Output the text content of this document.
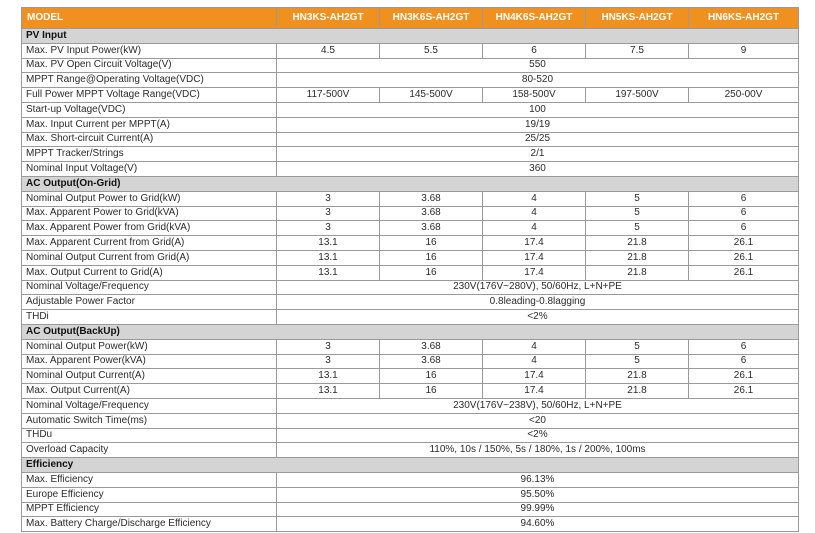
MODEL	HN3KS-AH2GT	HN3K6S-AH2GT	HN4K6S-AH2GT	HN5KS-AH2GT	HN6KS-AH2GT
PV Input					
Max. PV Input Power(kW)	4.5	5.5	6	7.5	9
Max. PV Open Circuit Voltage(V)	550				
MPPT Range@Operating Voltage(VDC)	80-520				
Full Power MPPT Voltage Range(VDC)	117-500V	145-500V	158-500V	197-500V	250-00V
Start-up Voltage(VDC)	100				
Max. Input Current per MPPT(A)	19/19				
Max. Short-circuit Current(A)	25/25				
MPPT Tracker/Strings	2/1				
Nominal Input Voltage(V)	360				
AC Output(On-Grid)					
Nominal Output Power to Grid(kW)	3	3.68	4	5	6
Max. Apparent Power to Grid(kVA)	3	3.68	4	5	6
Max. Apparent Power from Grid(kVA)	3	3.68	4	5	6
Max. Apparent Current from Grid(A)	13.1	16	17.4	21.8	26.1
Nominal Output Current from Grid(A)	13.1	16	17.4	21.8	26.1
Max. Output Current to Grid(A)	13.1	16	17.4	21.8	26.1
Nominal Voltage/Frequency	230V(176V~280V), 50/60Hz, L+N+PE				
Adjustable Power Factor	0.8leading-0.8lagging				
THDi	<2%				
AC Output(BackUp)					
Nominal Output Power(kW)	3	3.68	4	5	6
Max. Apparent Power(kVA)	3	3.68	4	5	6
Nominal Output Current(A)	13.1	16	17.4	21.8	26.1
Max. Output Current(A)	13.1	16	17.4	21.8	26.1
Nominal Voltage/Frequency	230V(176V~238V), 50/60Hz, L+N+PE				
Automatic Switch Time(ms)	<20				
THDu	<2%				
Overload Capacity	110%, 10s / 150%, 5s / 180%, 1s / 200%, 100ms				
Efficiency					
Max. Efficiency	96.13%				
Europe Efficiency	95.50%				
MPPT Efficiency	99.99%				
Max. Battery Charge/Discharge Efficiency	94.60%				
